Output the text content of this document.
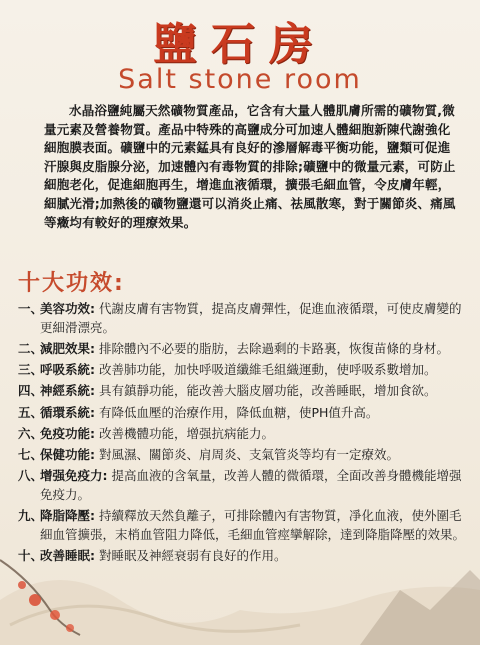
鹽石房
Salt stone room

水晶浴鹽純屬天然礦物質產品，它含有大量人體肌膚所需的礦物質,微量元素及營養物質。產品中特殊的高鹽成分可加速人體細胞新陳代謝強化細胞膜表面。礦鹽中的元素錳具有良好的滲層解毒平衡功能，鹽類可促進汗腺與皮脂腺分泌，加速體內有毒物質的排除;礦鹽中的微量元素，可防止細胞老化，促進細胞再生，增進血液循環，擴張毛細血管，令皮膚年輕，細膩光滑;加熱後的礦物鹽還可以消炎止痛、祛風散寒，對于關節炎、痛風等癥均有較好的理療效果。

十大功效:
一、
美容功效: 代謝皮膚有害物質，提高皮膚彈性，促進血液循環，可使皮膚變的更細滑漂亮。
二、
減肥效果: 排除體內不必要的脂肪，去除過剩的卡路裏，恢復苗條的身材。
三、
呼吸系統: 改善肺功能，加快呼吸道纖維毛組織運動，使呼吸系數增加。
四、
神經系統: 具有鎮靜功能，能改善大腦皮層功能，改善睡眠，增加食欲。
五、
循環系統: 有降低血壓的治療作用，降低血糖，使PH值升高。
六、
免疫功能: 改善機體功能，增强抗病能力。
七、
保健功能: 對風濕、關節炎、肩周炎、支氣管炎等均有一定療效。
八、
增强免疫力: 提高血液的含氧量，改善人體的微循環，全面改善身體機能增强免疫力。
九、
降脂降壓: 持續釋放天然負離子，可排除體內有害物質，凈化血液，使外圍毛細血管擴張，末梢血管阻力降低，毛細血管痙攣解除，達到降脂降壓的效果。
十、
改善睡眠: 對睡眠及神經衰弱有良好的作用。
